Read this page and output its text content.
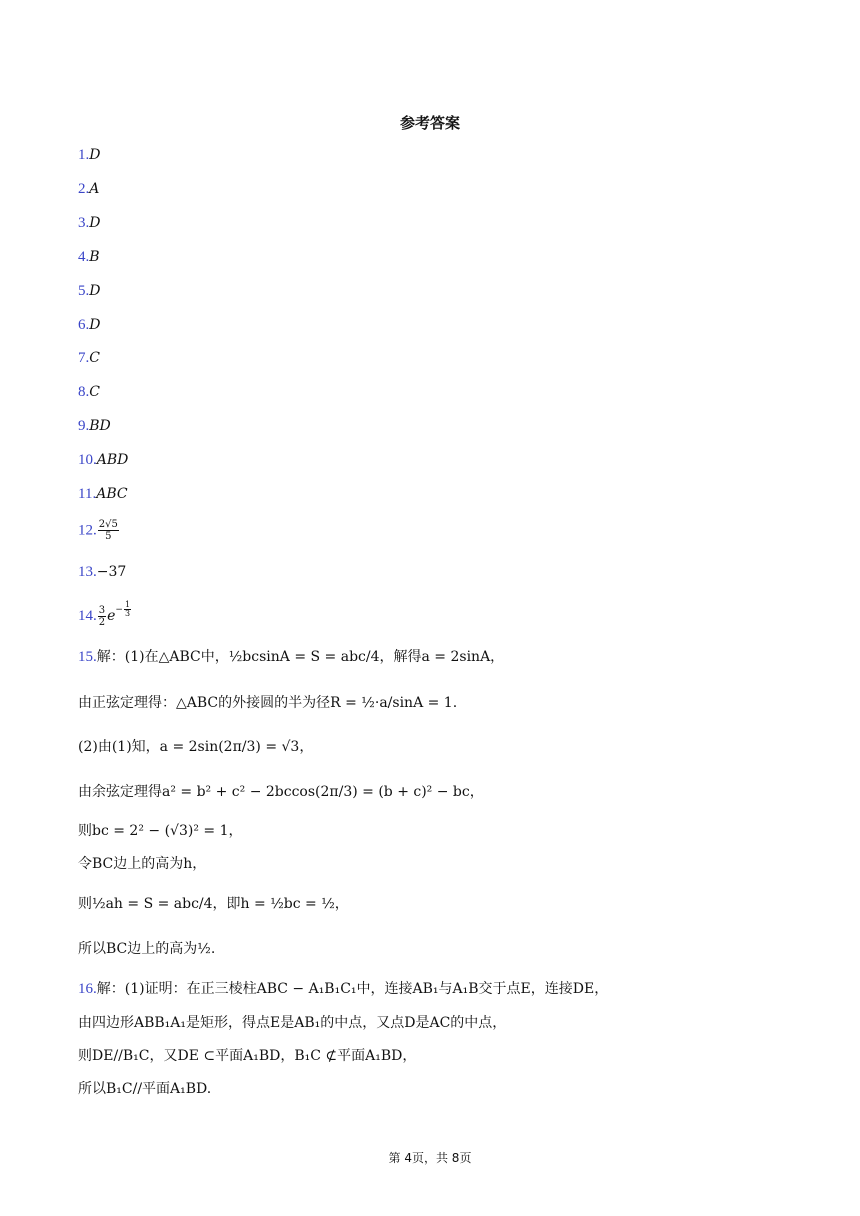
参考答案
1.D
2.A
3.D
4.B
5.D
6.D
7.C
8.C
9.BD
10.ABD
11.ABC
12. $\frac{2√5}{5}$
13.−37
14. $\frac{3}{2} e^{- \frac{1}{3}}$
15.解：(1)在△ABC中，½bcsinA = S = abc/4，解得a = 2sinA，
由正弦定理得：△ABC的外接圆的半为径R = ½·a/sinA = 1.
(2)由(1)知，a = 2sin(2π/3) = √3，
由余弦定理得a² = b² + c² − 2bccos(2π/3) = (b + c)² − bc，
则bc = 2² − (√3)² = 1，
令BC边上的高为h，
则½ah = S = abc/4，即h = ½bc = ½，
所以BC边上的高为½.
16.解：(1)证明：在正三棱柱ABC − A₁B₁C₁中，连接AB₁与A₁B交于点E，连接DE，
由四边形ABB₁A₁是矩形，得点E是AB₁的中点，又点D是AC的中点，
则DE//B₁C，又DE ⊂平面A₁BD，B₁C ⊄平面A₁BD，
所以B₁C//平面A₁BD.
第 4页，共 8页
